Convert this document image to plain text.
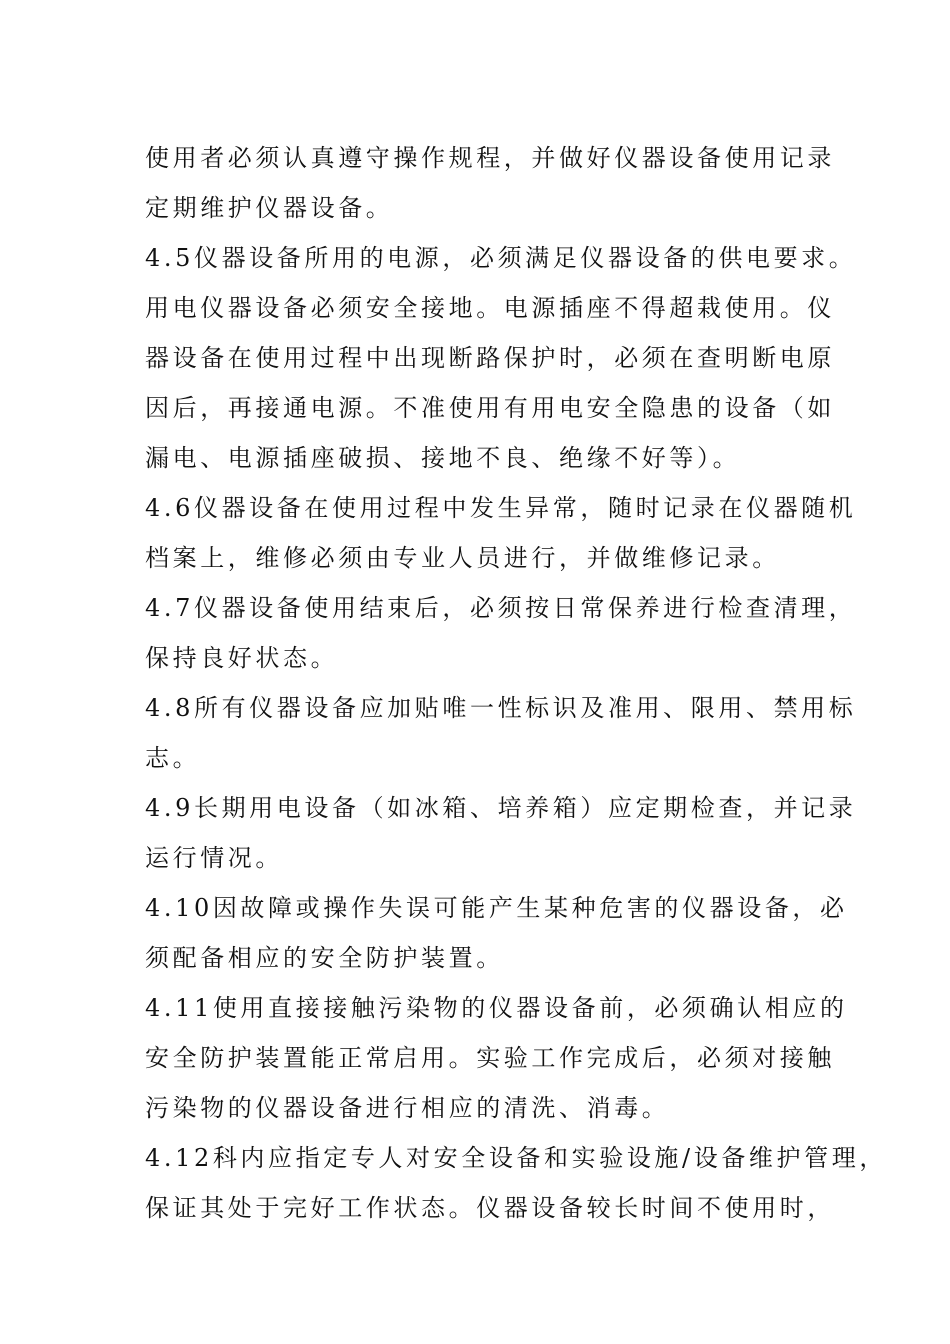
使用者必须认真遵守操作规程，并做好仪器设备使用记录
定期维护仪器设备。
4.5仪器设备所用的电源，必须满足仪器设备的供电要求。
用电仪器设备必须安全接地。电源插座不得超栽使用。仪
器设备在使用过程中出现断路保护时，必须在查明断电原
因后，再接通电源。不准使用有用电安全隐患的设备（如
漏电、电源插座破损、接地不良、绝缘不好等）。
4.6仪器设备在使用过程中发生异常，随时记录在仪器随机
档案上，维修必须由专业人员进行，并做维修记录。
4.7仪器设备使用结束后，必须按日常保养进行检查清理，
保持良好状态。
4.8所有仪器设备应加贴唯一性标识及准用、限用、禁用标
志。
4.9长期用电设备（如冰箱、培养箱）应定期检查，并记录
运行情况。
4.10因故障或操作失误可能产生某种危害的仪器设备，必
须配备相应的安全防护装置。
4.11使用直接接触污染物的仪器设备前，必须确认相应的
安全防护装置能正常启用。实验工作完成后，必须对接触
污染物的仪器设备进行相应的清洗、消毒。
4.12科内应指定专人对安全设备和实验设施/设备维护管理，
保证其处于完好工作状态。仪器设备较长时间不使用时，
